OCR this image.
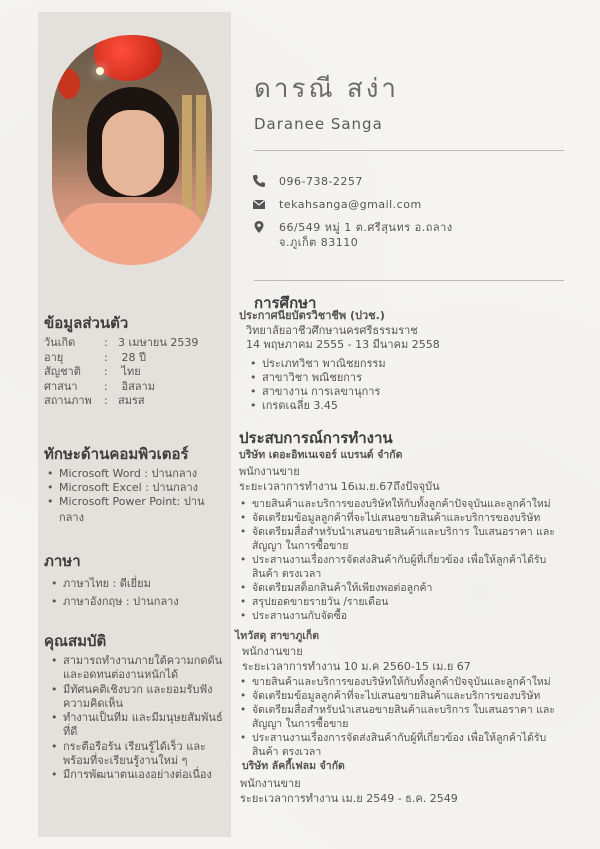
ดารณี สง่า
Daranee Sanga
096-738-2257
tekahsanga@gmail.com
66/549 หมู่ 1 ต.ศรีสุนทร อ.ถลาง
จ.ภูเก็ต 83110
ข้อมูลส่วนตัว
วันเกิด	: 3 เมษายน 2539
อายุ	: 28 ปี
สัญชาติ : ไทย
ศาสนา : อิสลาม
สถานภาพ : สมรส
ทักษะด้านคอมพิวเตอร์
• Microsoft Word : ปานกลาง
• Microsoft Excel : ปานกลาง
• Microsoft Power Point: ปาน
กลาง
ภาษา
• ภาษาไทย : ดีเยี่ยม
• ภาษาอังกฤษ : ปานกลาง
คุณสมบัติ
• สามารถทำงานภายใต้ความกดดัน
และอดทนต่องานหนักได้
• มีทัศนคติเชิงบวก และยอมรับฟัง
ความคิดเห็น
• ทำงานเป็นทีม และมีมนุษยสัมพันธ์
ที่ดี
• กระตือรือร้น เรียนรู้ได้เร็ว และ
พร้อมที่จะเรียนรู้งานใหม่ ๆ
• มีการพัฒนาตนเองอย่างต่อเนื่อง
การศึกษา
ประกาศนียบัตรวิชาชีพ (ปวช.)
วิทยาลัยอาชีวศึกษานครศรีธรรมราช
14 พฤษภาคม 2555 - 13 มีนาคม 2558
• ประเภทวิชา พาณิชยกรรม
• สาขาวิชา พณิชยการ
• สาขางาน การเลขานุการ
• เกรดเฉลี่ย 3.45
ประสบการณ์การทำงาน
บริษัท เดอะอิทเนเจอร์ แบรนด์ จำกัด
พนักงานขาย
ระยะเวลาการทำงาน 16เม.ย.67ถึงปัจจุบัน
• ขายสินค้าและบริการของบริษัทให้กับทั้งลูกค้าปัจจุบันและลูกค้าใหม่
• จัดเตรียมข้อมูลลูกค้าที่จะไปเสนอขายสินค้าและบริการของบริษัท
• จัดเตรียมสื่อสำหรับนำเสนอขายสินค้าและบริการ ใบเสนอราคา และ
สัญญา ในการซื้อขาย
• ประสานงานเรื่องการจัดส่งสินค้ากับผู้ที่เกี่ยวข้อง เพื่อให้ลูกค้าได้รับ
สินค้า ตรงเวลา
• จัดเตรียมสต็อกสินค้าให้เพียงพอต่อลูกค้า
• สรุปยอดขายรายวัน /รายเดือน
• ประสานงานกับจัดซื้อ
ไทวัสดุ สาขาภูเก็ต
พนักงานขาย
ระยะเวลาการทำงาน 10 ม.ค 2560-15 เม.ย 67
• ขายสินค้าและบริการของบริษัทให้กับทั้งลูกค้าปัจจุบันและลูกค้าใหม่
• จัดเตรียมข้อมูลลูกค้าที่จะไปเสนอขายสินค้าและบริการของบริษัท
• จัดเตรียมสื่อสำหรับนำเสนอขายสินค้าและบริการ ใบเสนอราคา และ
สัญญา ในการซื้อขาย
• ประสานงานเรื่องการจัดส่งสินค้ากับผู้ที่เกี่ยวข้อง เพื่อให้ลูกค้าได้รับ
สินค้า ตรงเวลา
บริษัท ลัคกี้เฟลม จำกัด
พนักงานขาย
ระยะเวลาการทำงาน เม.ย 2549 - ธ.ค. 2549
